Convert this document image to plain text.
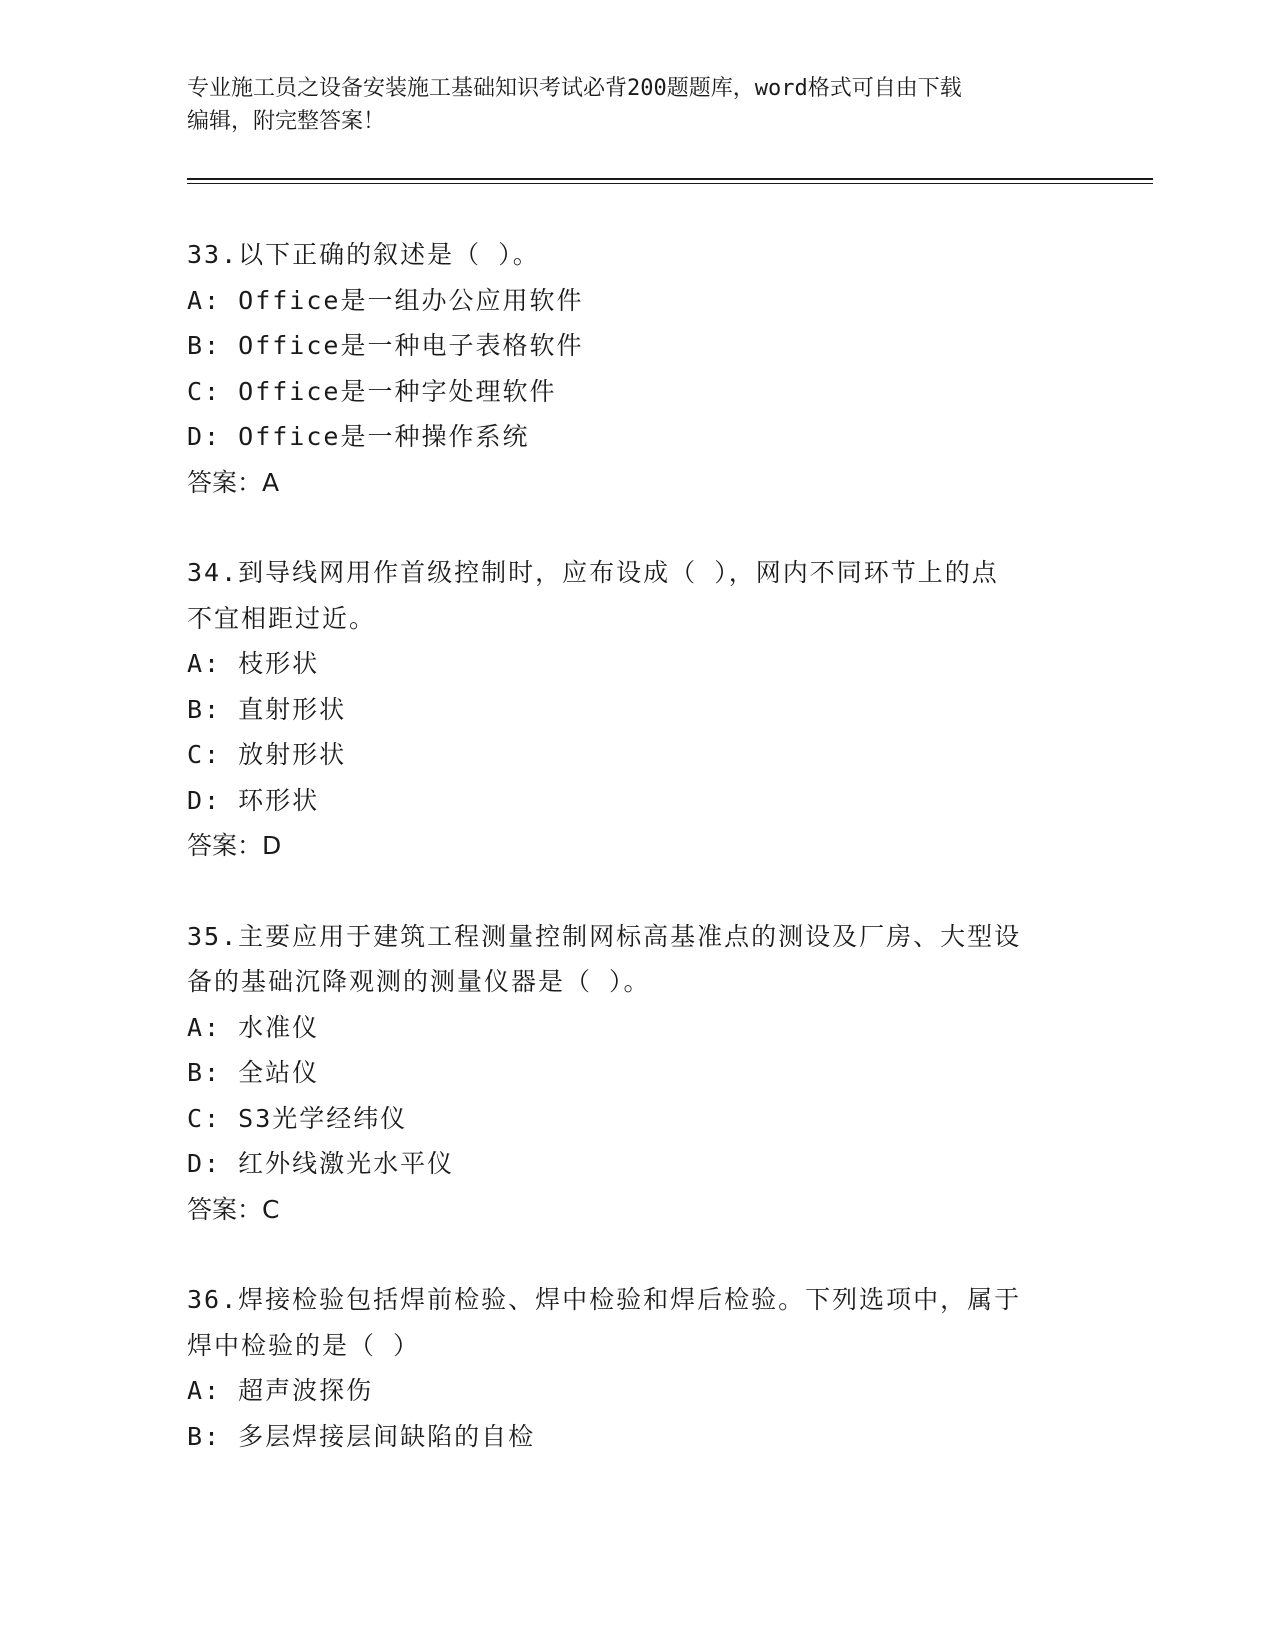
专业施工员之设备安装施工基础知识考试必背200题题库，word格式可自由下载
编辑，附完整答案！
33.以下正确的叙述是（ ）。
A: Office是一组办公应用软件
B: Office是一种电子表格软件
C: Office是一种字处理软件
D: Office是一种操作系统
答案：A
34.到导线网用作首级控制时，应布设成（ ），网内不同环节上的点
不宜相距过近。
A: 枝形状
B: 直射形状
C: 放射形状
D: 环形状
答案：D
35.主要应用于建筑工程测量控制网标高基准点的测设及厂房、大型设
备的基础沉降观测的测量仪器是（ ）。
A: 水准仪
B: 全站仪
C: S3光学经纬仪
D: 红外线激光水平仪
答案：C
36.焊接检验包括焊前检验、焊中检验和焊后检验。下列选项中，属于
焊中检验的是（ ）
A: 超声波探伤
B: 多层焊接层间缺陷的自检
